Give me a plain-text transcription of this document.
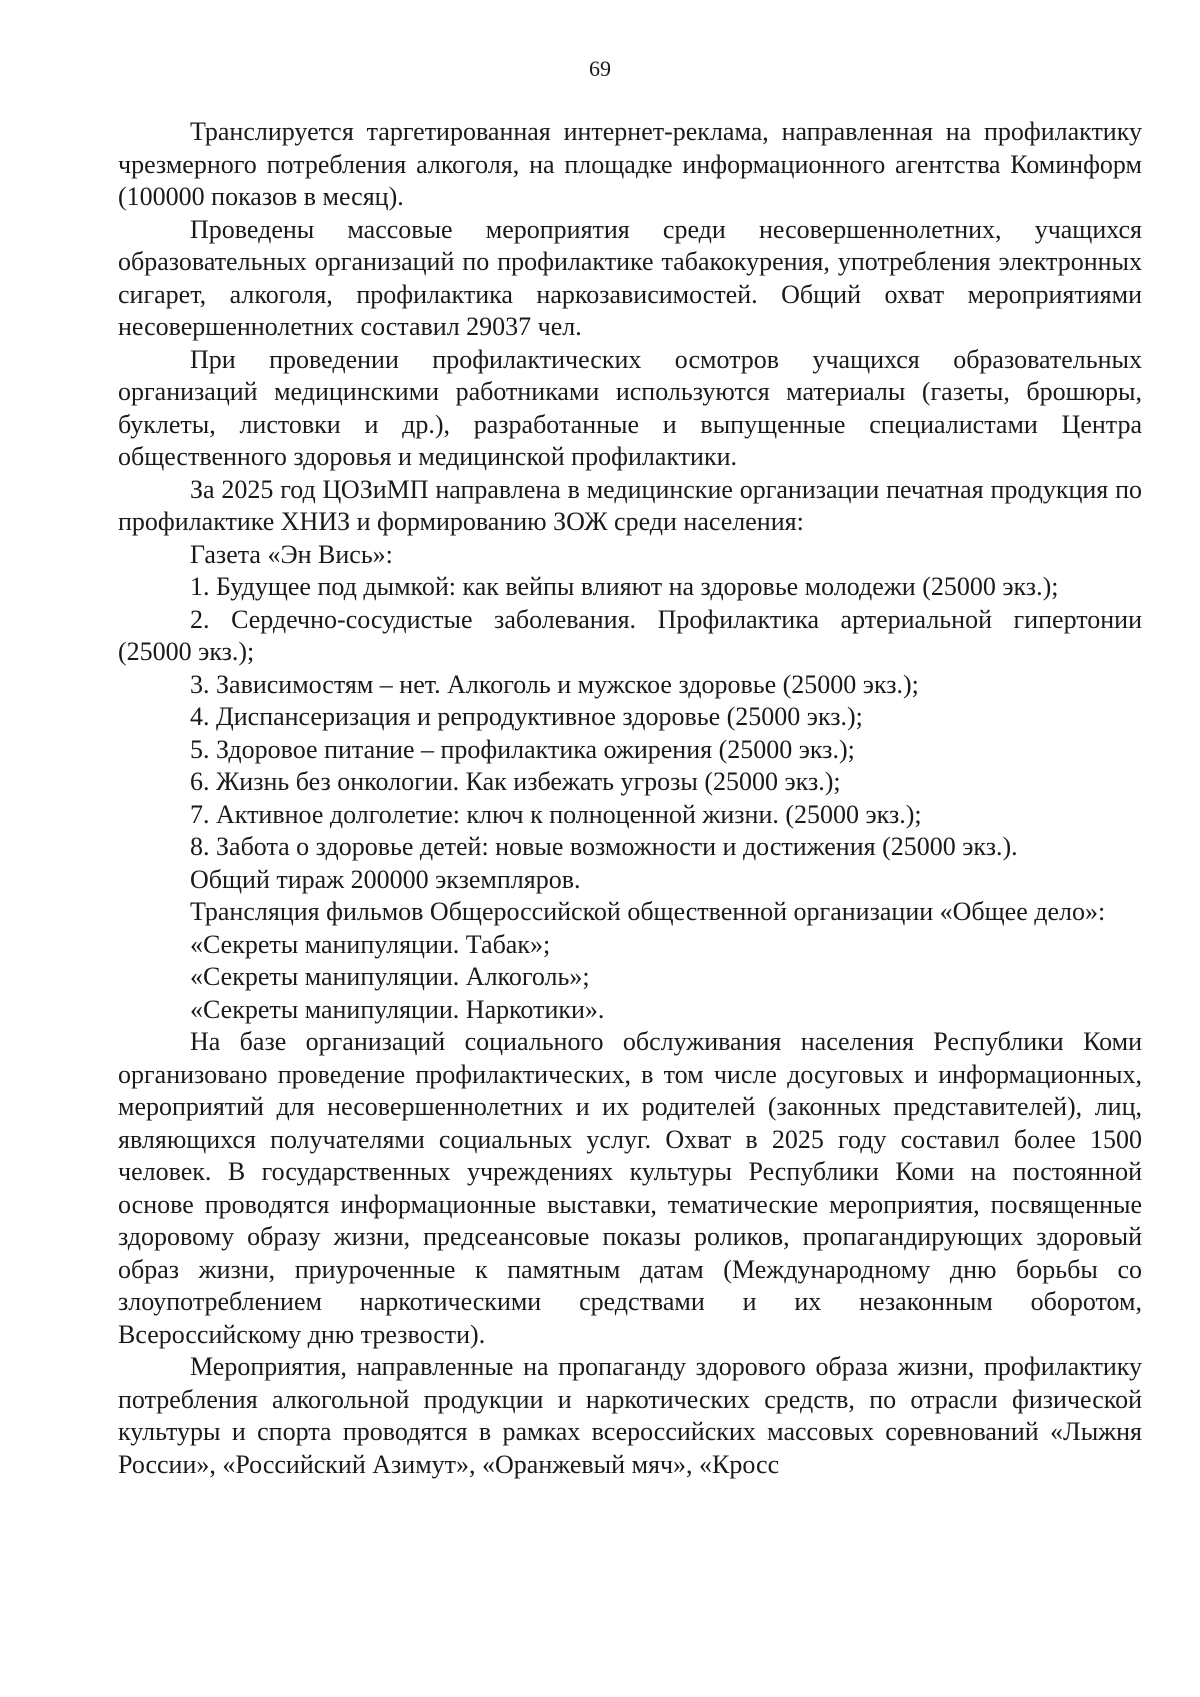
69

Транслируется таргетированная интернет-реклама, направленная на профилактику чрезмерного потребления алкоголя, на площадке информационного агентства Коминформ (100000 показов в месяц).

Проведены массовые мероприятия среди несовершеннолетних, учащихся образовательных организаций по профилактике табакокурения, употребления электронных сигарет, алкоголя, профилактика наркозависимостей. Общий охват мероприятиями несовершеннолетних составил 29037 чел.

При проведении профилактических осмотров учащихся образовательных организаций медицинскими работниками используются материалы (газеты, брошюры, буклеты, листовки и др.), разработанные и выпущенные специалистами Центра общественного здоровья и медицинской профилактики.

За 2025 год ЦОЗиМП направлена в медицинские организации печатная продукция по профилактике ХНИЗ и формированию ЗОЖ среди населения:

Газета «Эн Вись»:

1. Будущее под дымкой: как вейпы влияют на здоровье молодежи (25000 экз.);

2. Сердечно-сосудистые заболевания. Профилактика артериальной гипертонии (25000 экз.);

3. Зависимостям – нет. Алкоголь и мужское здоровье (25000 экз.);

4. Диспансеризация и репродуктивное здоровье (25000 экз.);

5. Здоровое питание – профилактика ожирения (25000 экз.);

6. Жизнь без онкологии. Как избежать угрозы (25000 экз.);

7. Активное долголетие: ключ к полноценной жизни. (25000 экз.);

8. Забота о здоровье детей: новые возможности и достижения (25000 экз.).

Общий тираж 200000 экземпляров.

Трансляция фильмов Общероссийской общественной организации «Общее дело»:

«Секреты манипуляции. Табак»;

«Секреты манипуляции. Алкоголь»;

«Секреты манипуляции. Наркотики».

На базе организаций социального обслуживания населения Республики Коми организовано проведение профилактических, в том числе досуговых и информационных, мероприятий для несовершеннолетних и их родителей (законных представителей), лиц, являющихся получателями социальных услуг. Охват в 2025 году составил более 1500 человек. В государственных учреждениях культуры Республики Коми на постоянной основе проводятся информационные выставки, тематические мероприятия, посвященные здоровому образу жизни, предсеансовые показы роликов, пропагандирующих здоровый образ жизни, приуроченные к памятным датам (Международному дню борьбы со злоупотреблением наркотическими средствами и их незаконным оборотом, Всероссийскому дню трезвости).

Мероприятия, направленные на пропаганду здорового образа жизни, профилактику потребления алкогольной продукции и наркотических средств, по отрасли физической культуры и спорта проводятся в рамках всероссийских массовых соревнований «Лыжня России», «Российский Азимут», «Оранжевый мяч», «Кросс
